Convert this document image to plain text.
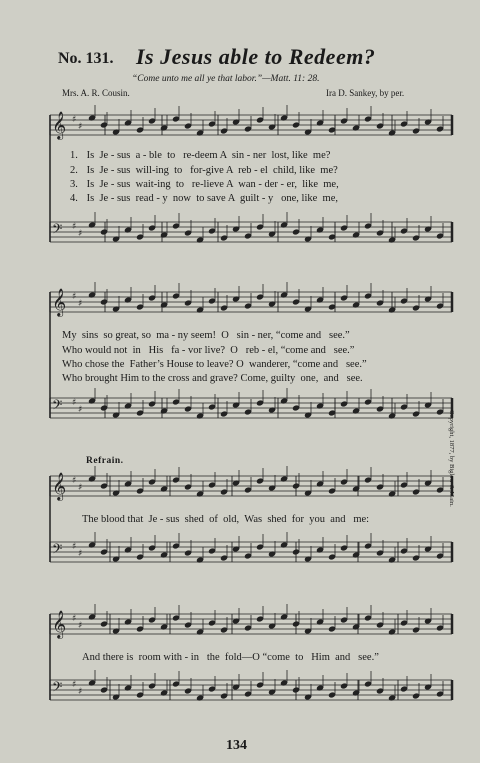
𝄞 ♯
♯
𝄢 ♯
♯
𝄞 ♯
♯
𝄢 ♯
♯
𝄞 ♯
♯
𝄢 ♯
♯
𝄞 ♯
♯
𝄢 ♯
♯
No. 131. Is Jesus able to Redeem?
“Come unto me all ye that labor.”—Matt. 11: 28.
Mrs. A. R. Cousin.	Ira D. Sankey, by per.
Copyright, 1877, by Biglow & Main.
Refrain.
1. Is  Je - sus  a - ble  to   re-deem A  sin - ner  lost, like  me?
2. Is  Je - sus  will-ing  to   for-give A  reb - el  child, like  me?
3. Is  Je - sus  wait-ing  to   re-lieve A  wan - der - er,  like  me,
4. Is  Je - sus  read - y  now  to save A  guilt - y   one, like  me,
My  sins  so great, so  ma - ny seem!  O   sin - ner, “come and   see.”
Who would not  in   His   fa - vor live?  O   reb - el, “come and   see.”
Who chose the  Father’s House to leave? O  wanderer, “come and   see.”
Who brought Him to the cross and grave? Come, guilty  one,  and   see.
The blood that  Je - sus  shed  of  old,  Was  shed  for  you  and   me:
And there is  room with - in   the  fold—O “come  to   Him  and   see.”
134
